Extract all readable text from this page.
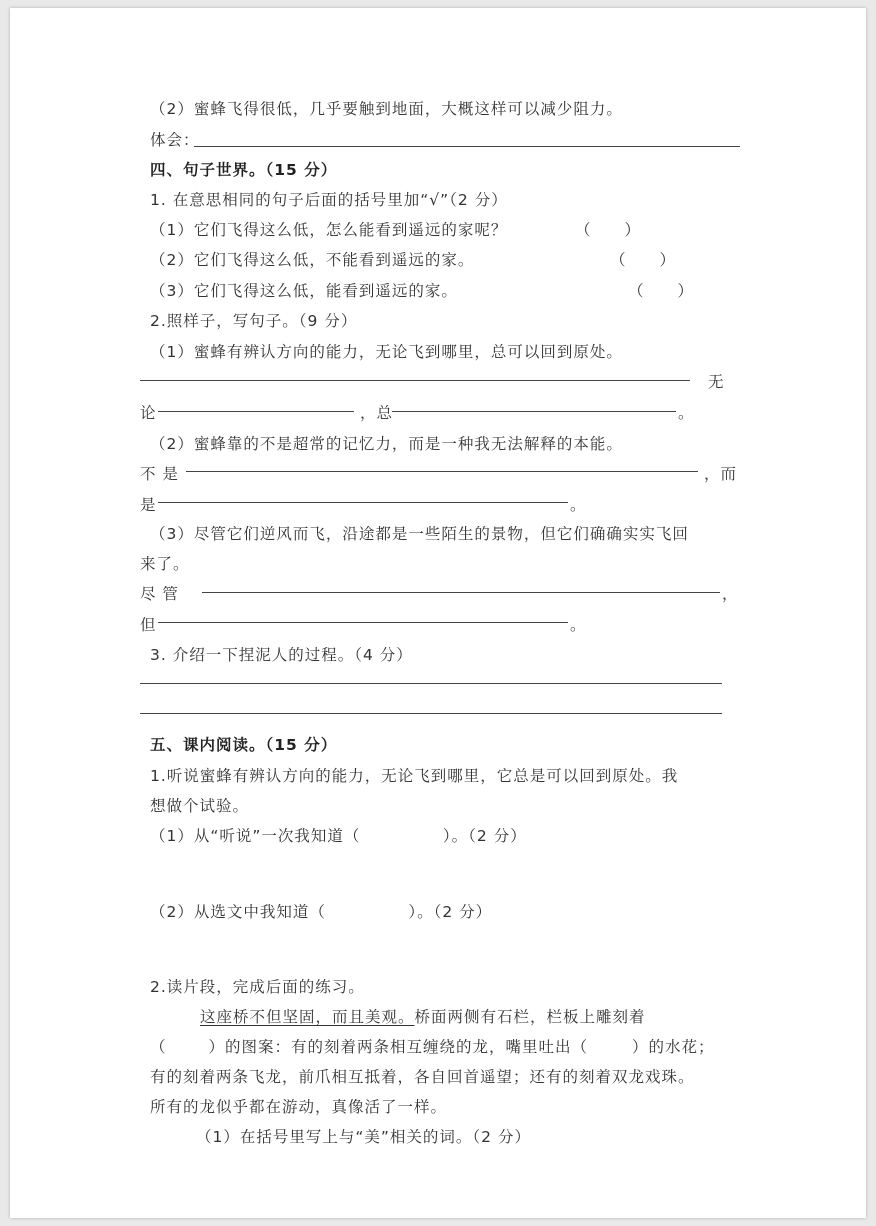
（2）蜜蜂飞得很低，几乎要触到地面，大概这样可以减少阻力。
体会：
四、句子世界。（15 分）
1. 在意思相同的句子后面的括号里加“√”（2 分）
（1）它们飞得这么低，怎么能看到遥远的家呢？	（　　）
（2）它们飞得这么低，不能看到遥远的家。	（　　）
（3）它们飞得这么低，能看到遥远的家。	（　　）
2.照样子，写句子。（9 分）
（1）蜜蜂有辨认方向的能力，无论飞到哪里，总可以回到原处。
无
论	，总	。
（2）蜜蜂靠的不是超常的记忆力，而是一种我无法解释的本能。
不 是	，而
是	。
（3）尽管它们逆风而飞，沿途都是一些陌生的景物，但它们确确实实飞回
来了。
尽 管	，
但	。
3. 介绍一下捏泥人的过程。（4 分）
五、课内阅读。（15 分）
1.听说蜜蜂有辨认方向的能力，无论飞到哪里，它总是可以回到原处。我
想做个试验。
（1）从“听说”一次我知道（　　　　　）。（2 分）
（2）从选文中我知道（　　　　　）。（2 分）
2.读片段，完成后面的练习。
这座桥不但坚固，而且美观。桥面两侧有石栏，栏板上雕刻着
（	）的图案：有的刻着两条相互缠绕的龙，嘴里吐出（	）的水花；
有的刻着两条飞龙，前爪相互抵着，各自回首遥望；还有的刻着双龙戏珠。
所有的龙似乎都在游动，真像活了一样。
（1）在括号里写上与“美”相关的词。（2 分）
